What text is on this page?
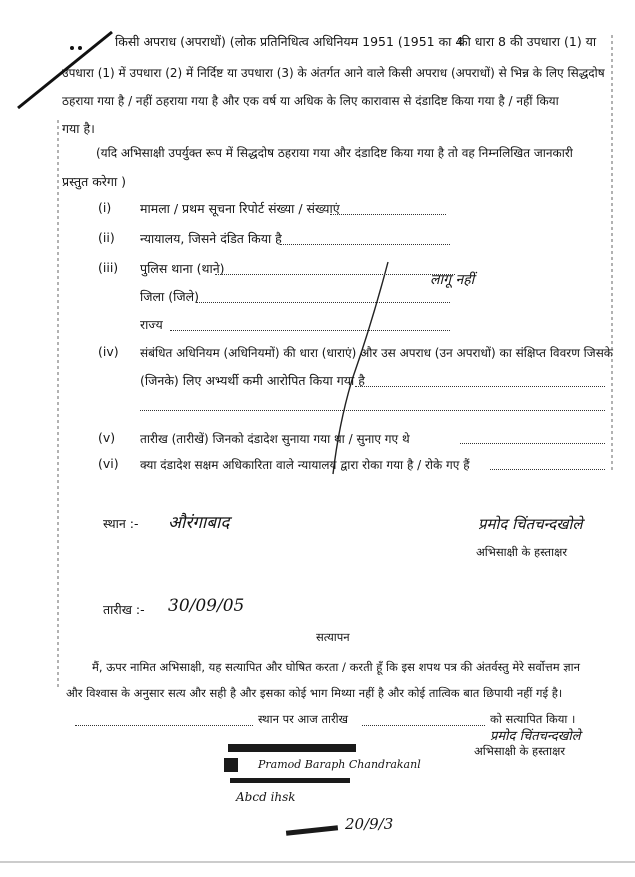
किसी अपराध (अपराधों) (लोक प्रतिनिधित्व अधिनियम 1951 (1951 का 4
की धारा 8 की उपधारा (1) या
उपधारा (1) में उपधारा (2) में निर्दिष्ट या उपधारा (3) के अंतर्गत आने वाले किसी अपराध (अपराधों) से भिन्न के लिए सिद्धदोष
ठहराया गया है / नहीं ठहराया गया है और एक वर्ष या अधिक के लिए कारावास से दंडादिष्ट किया गया है / नहीं किया
गया है।
(यदि अभिसाक्षी उपर्युक्त रूप में सिद्धदोष ठहराया गया और दंडादिष्ट किया गया है तो वह निम्नलिखित जानकारी
प्रस्तुत करेगा )
(i) मामला / प्रथम सूचना रिपोर्ट संख्या / संख्याएं
(ii) न्यायालय, जिसने दंडित किया है
(iii) पुलिस थाना (थाने)
लागू नहीं
जिला (जिले)
राज्य
(iv) संबंधित अधिनियम (अधिनियमों) की धारा (धाराएं) और उस अपराध (उन अपराधों) का संक्षिप्त विवरण जिसके
(जिनके) लिए अभ्यर्थी कमी आरोपित किया गया है
(v) तारीख (तारीखें) जिनको दंडादेश सुनाया गया था / सुनाए गए थे
(vi) क्या दंडादेश सक्षम अधिकारिता वाले न्यायालय द्वारा रोका गया है / रोके गए हैं
स्थान :- औरंगाबाद	प्रमोद चिंतचन्दखोले
अभिसाक्षी के हस्ताक्षर
तारीख :- 30/09/05
सत्यापन
मैं, ऊपर नामित अभिसाक्षी, यह सत्यापित और घोषित करता / करती हूँ कि इस शपथ पत्र की अंतर्वस्तु मेरे सर्वोत्तम ज्ञान
और विश्वास के अनुसार सत्य और सही है और इसका कोई भाग मिथ्या नहीं है और कोई तात्विक बात छिपायी नहीं गई है।
स्थान पर आज तारीख	को सत्यापित किया ।
प्रमोद चिंतचन्दखोले
अभिसाक्षी के हस्ताक्षर
Pramod Baraph Chandrakanl
Abcd ihsk
20/9/3
